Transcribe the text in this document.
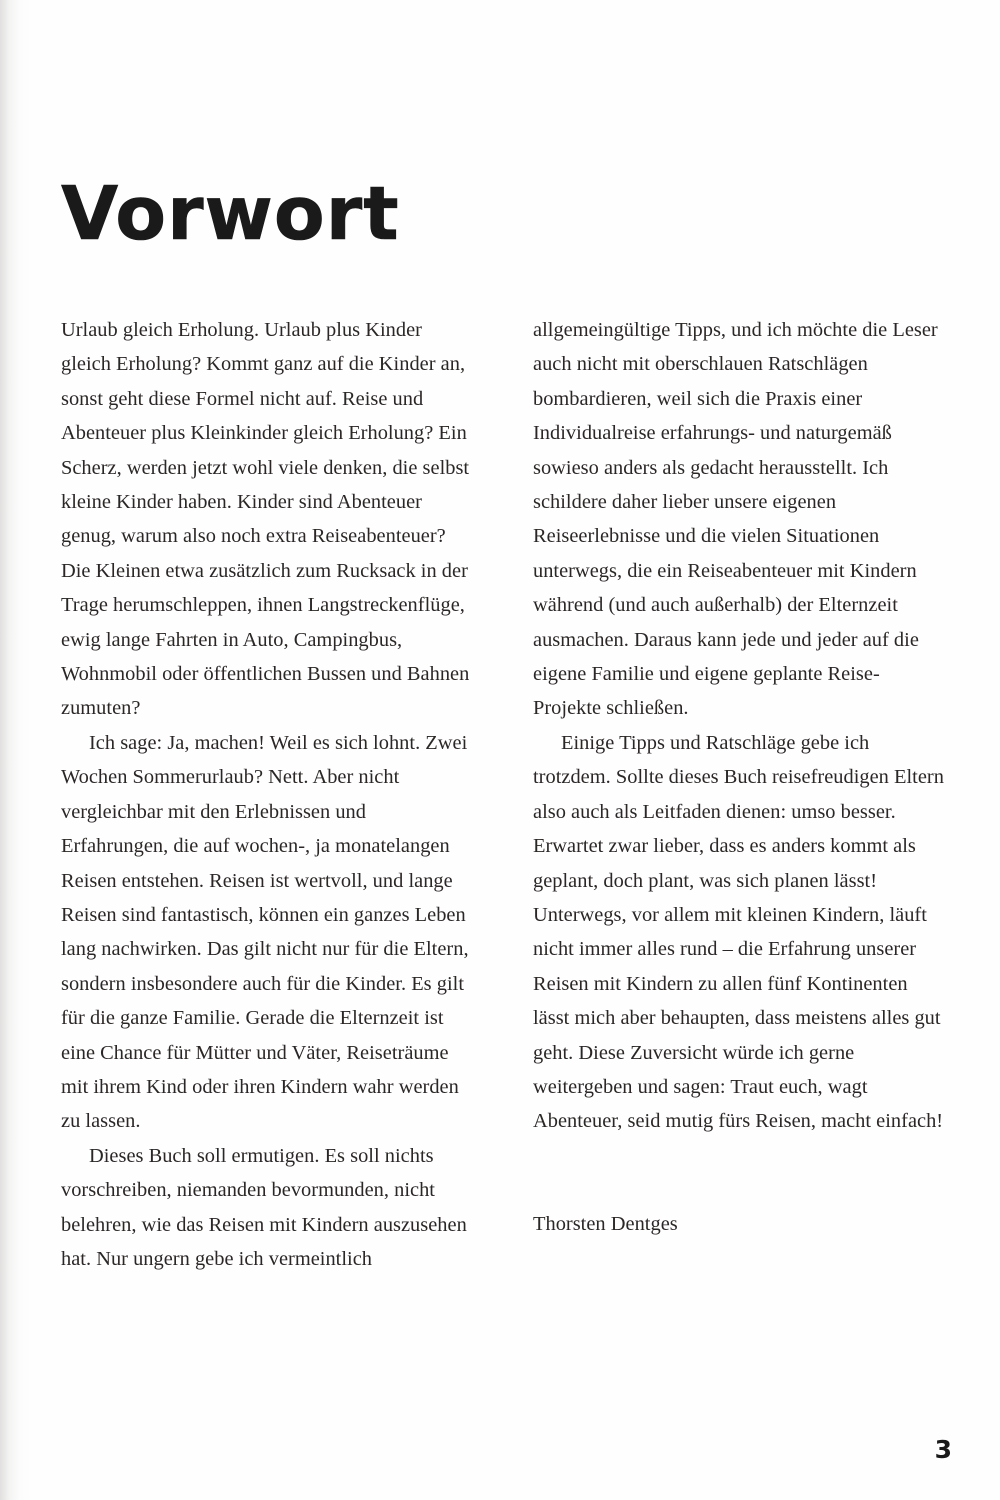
Vorwort

Urlaub gleich Erholung. Urlaub plus Kinder gleich Erholung? Kommt ganz auf die Kinder an, sonst geht diese Formel nicht auf. Reise und Abenteuer plus Kleinkinder gleich Erholung? Ein Scherz, werden jetzt wohl viele denken, die selbst kleine Kinder haben. Kinder sind Abenteuer genug, warum also noch extra Reiseabenteuer? Die Kleinen etwa zusätzlich zum Rucksack in der Trage herumschleppen, ihnen Langstreckenflüge, ewig lange Fahrten in Auto, Campingbus, Wohnmobil oder öffentlichen Bussen und Bahnen zumuten?

Ich sage: Ja, machen! Weil es sich lohnt. Zwei Wochen Sommerurlaub? Nett. Aber nicht vergleichbar mit den Erlebnissen und Erfahrungen, die auf wochen-, ja monatelangen Reisen entstehen. Reisen ist wertvoll, und lange Reisen sind fantastisch, können ein ganzes Leben lang nachwirken. Das gilt nicht nur für die Eltern, sondern insbesondere auch für die Kinder. Es gilt für die ganze Familie. Gerade die Elternzeit ist eine Chance für Mütter und Väter, Reiseträume mit ihrem Kind oder ihren Kindern wahr werden zu lassen.

Dieses Buch soll ermutigen. Es soll nichts vorschreiben, niemanden bevormunden, nicht belehren, wie das Reisen mit Kindern auszusehen hat. Nur ungern gebe ich vermeintlich

allgemeingültige Tipps, und ich möchte die Leser auch nicht mit oberschlauen Ratschlägen bombardieren, weil sich die Praxis einer Individualreise erfahrungs- und naturgemäß sowieso anders als gedacht herausstellt. Ich schildere daher lieber unsere eigenen Reiseerlebnisse und die vielen Situationen unterwegs, die ein Reiseabenteuer mit Kindern während (und auch außerhalb) der Elternzeit ausmachen. Daraus kann jede und jeder auf die eigene Familie und eigene geplante Reise-Projekte schließen.

Einige Tipps und Ratschläge gebe ich trotzdem. Sollte dieses Buch reisefreudigen Eltern also auch als Leitfaden dienen: umso besser. Erwartet zwar lieber, dass es anders kommt als geplant, doch plant, was sich planen lässt! Unterwegs, vor allem mit kleinen Kindern, läuft nicht immer alles rund – die Erfahrung unserer Reisen mit Kindern zu allen fünf Kontinenten lässt mich aber behaupten, dass meistens alles gut geht. Diese Zuversicht würde ich gerne weitergeben und sagen: Traut euch, wagt Abenteuer, seid mutig fürs Reisen, macht einfach!

Thorsten Dentges

3
